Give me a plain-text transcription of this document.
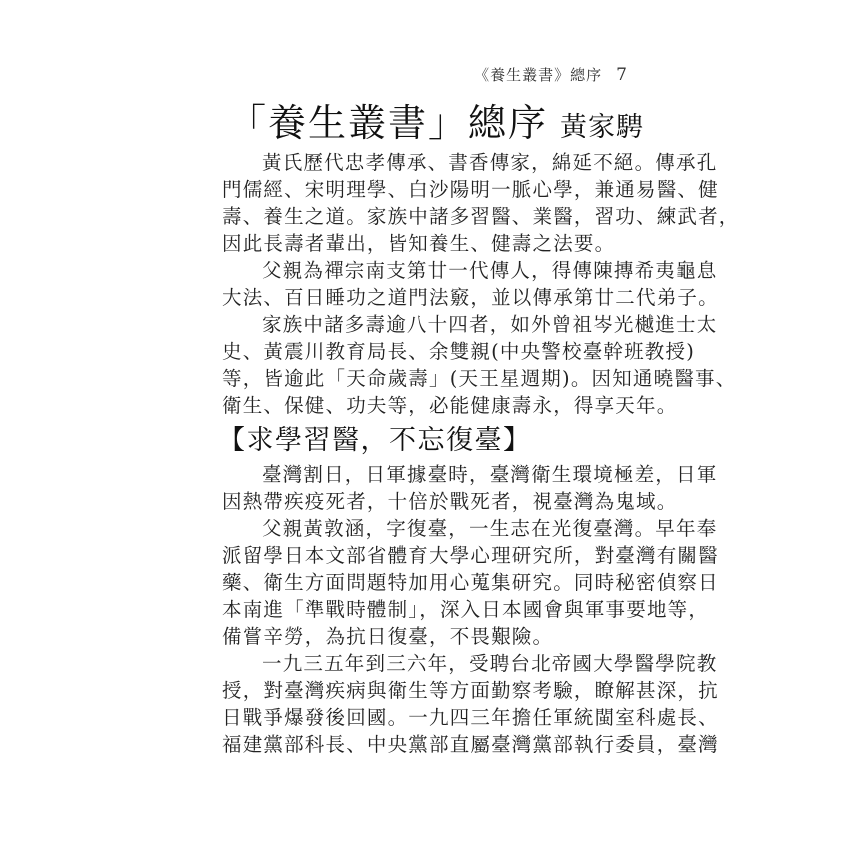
《養生叢書》總序 7
「養生叢書」總序 黃家騁

黃氏歷代忠孝傳承、書香傳家，綿延不絕。傳承孔
門儒經、宋明理學、白沙陽明一脈心學，兼通易醫、健
壽、養生之道。家族中諸多習醫、業醫，習功、練武者，
因此長壽者輩出，皆知養生、健壽之法要。

父親為禪宗南支第廿一代傳人，得傳陳摶希夷龜息
大法、百日睡功之道門法竅，並以傳承第廿二代弟子。

家族中諸多壽逾八十四者，如外曾祖岑光樾進士太
史、黃震川教育局長、余雙親(中央警校臺幹班教授)
等，皆逾此「天命歲壽」(天王星週期)。因知通曉醫事、
衛生、保健、功夫等，必能健康壽永，得享天年。

【求學習醫，不忘復臺】

臺灣割日，日軍據臺時，臺灣衛生環境極差，日軍
因熱帶疾疫死者，十倍於戰死者，視臺灣為鬼域。

父親黃敦涵，字復臺，一生志在光復臺灣。早年奉
派留學日本文部省體育大學心理研究所，對臺灣有關醫
藥、衛生方面問題特加用心蒐集研究。同時秘密偵察日
本南進「準戰時體制」，深入日本國會與軍事要地等，
備嘗辛勞，為抗日復臺，不畏艱險。

一九三五年到三六年，受聘台北帝國大學醫學院教
授，對臺灣疾病與衛生等方面勤察考驗，瞭解甚深，抗
日戰爭爆發後回國。一九四三年擔任軍統閩室科處長、
福建黨部科長、中央黨部直屬臺灣黨部執行委員，臺灣
